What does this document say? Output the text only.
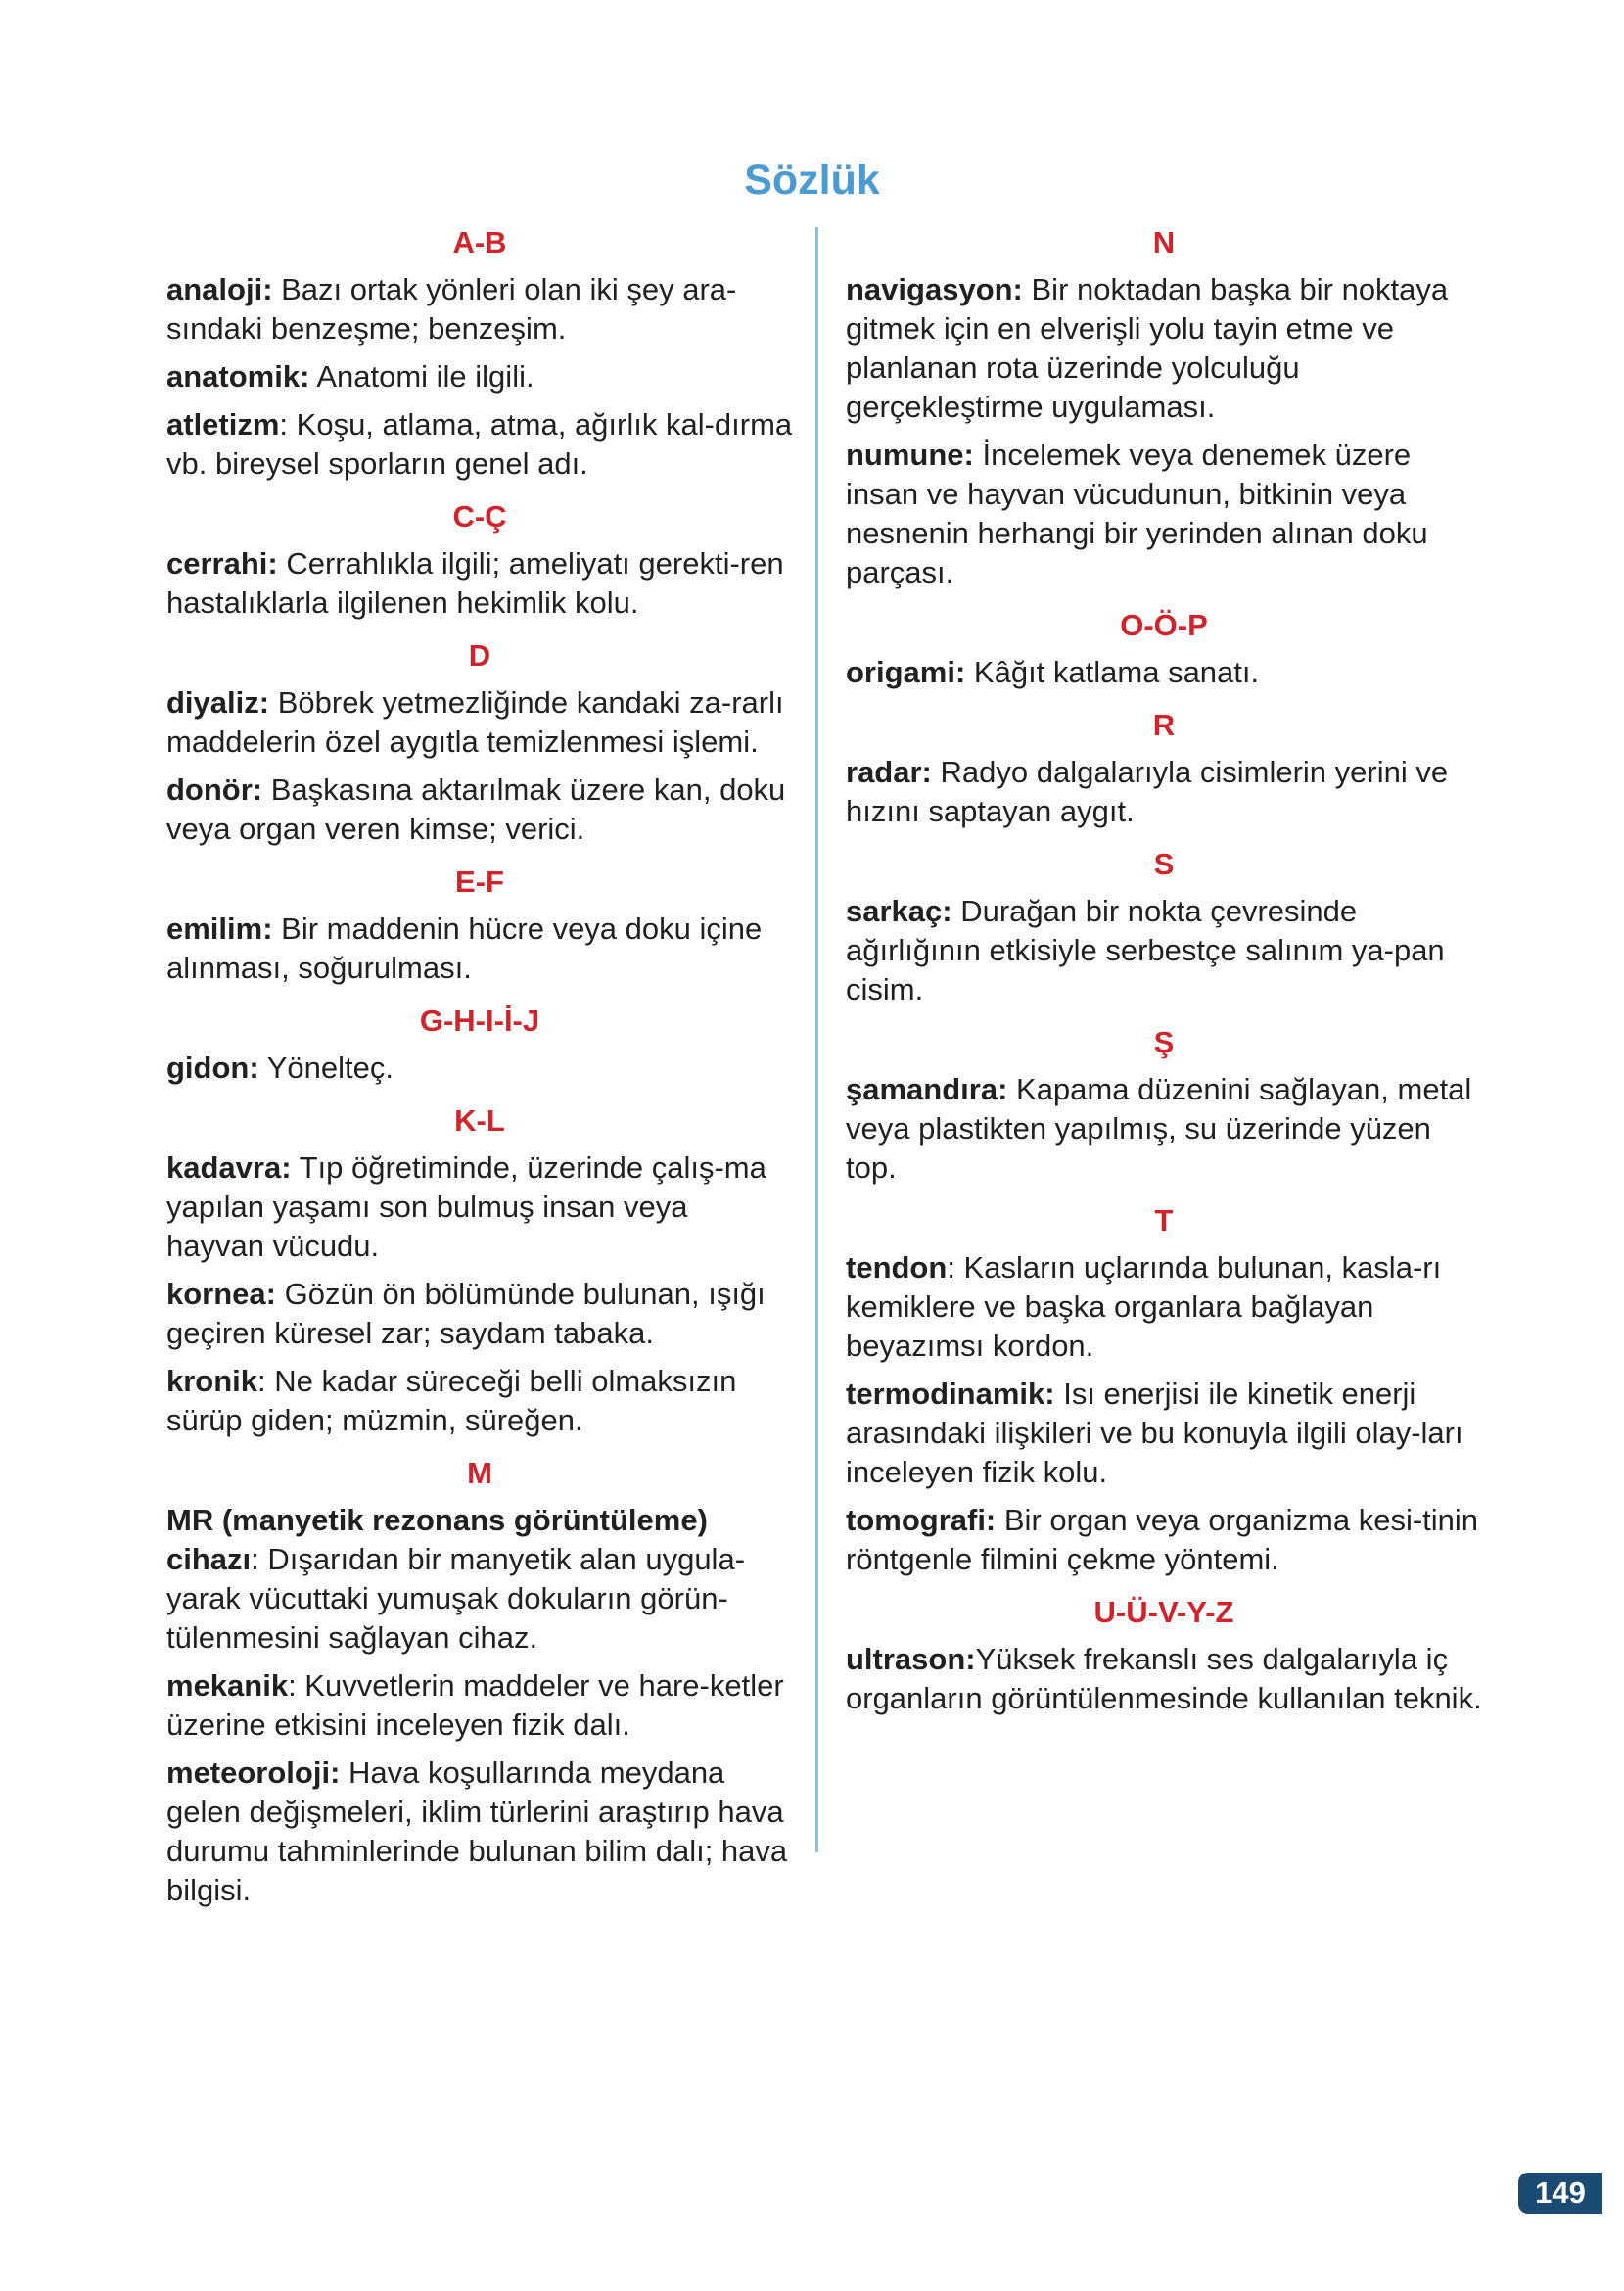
Sözlük
A-B
analoji: Bazı ortak yönleri olan iki şey ara-sındaki benzeşme; benzeşim.
anatomik: Anatomi ile ilgili.
atletizm: Koşu, atlama, atma, ağırlık kal-dırma vb. bireysel sporların genel adı.
C-Ç
cerrahi: Cerrahlıkla ilgili; ameliyatı gerekti-ren hastalıklarla ilgilenen hekimlik kolu.
D
diyaliz: Böbrek yetmezliğinde kandaki za-rarlı maddelerin özel aygıtla temizlenmesi işlemi.
donör: Başkasına aktarılmak üzere kan, doku veya organ veren kimse; verici.
E-F
emilim: Bir maddenin hücre veya doku içine alınması, soğurulması.
G-H-I-İ-J
gidon: Yönelteç.
K-L
kadavra: Tıp öğretiminde, üzerinde çalış-ma yapılan yaşamı son bulmuş insan veya hayvan vücudu.
kornea: Gözün ön bölümünde bulunan, ışığı geçiren küresel zar; saydam tabaka.
kronik: Ne kadar süreceği belli olmaksızın sürüp giden; müzmin, süreğen.
M
MR (manyetik rezonans görüntüleme) cihazı: Dışarıdan bir manyetik alan uygula-yarak vücuttaki yumuşak dokuların görün-tülenmesini sağlayan cihaz.
mekanik: Kuvvetlerin maddeler ve hare-ketler üzerine etkisini inceleyen fizik dalı.
meteoroloji: Hava koşullarında meydana gelen değişmeleri, iklim türlerini araştırıp hava durumu tahminlerinde bulunan bilim dalı; hava bilgisi.
N
navigasyon: Bir noktadan başka bir noktaya gitmek için en elverişli yolu tayin etme ve planlanan rota üzerinde yolculuğu gerçekleştirme uygulaması.
numune: İncelemek veya denemek üzere insan ve hayvan vücudunun, bitkinin veya nesnenin herhangi bir yerinden alınan doku parçası.
O-Ö-P
origami: Kâğıt katlama sanatı.
R
radar: Radyo dalgalarıyla cisimlerin yerini ve hızını saptayan aygıt.
S
sarkaç: Durağan bir nokta çevresinde ağırlığının etkisiyle serbestçe salınım ya-pan cisim.
Ş
şamandıra: Kapama düzenini sağlayan, metal veya plastikten yapılmış, su üzerinde yüzen top.
T
tendon: Kasların uçlarında bulunan, kasla-rı kemiklere ve başka organlara bağlayan beyazımsı kordon.
termodinamik: Isı enerjisi ile kinetik enerji arasındaki ilişkileri ve bu konuyla ilgili olay-ları inceleyen fizik kolu.
tomografi: Bir organ veya organizma kesi-tinin röntgenle filmini çekme yöntemi.
U-Ü-V-Y-Z
ultrason:Yüksek frekanslı ses dalgalarıyla iç organların görüntülenmesinde kullanılan teknik.
149
